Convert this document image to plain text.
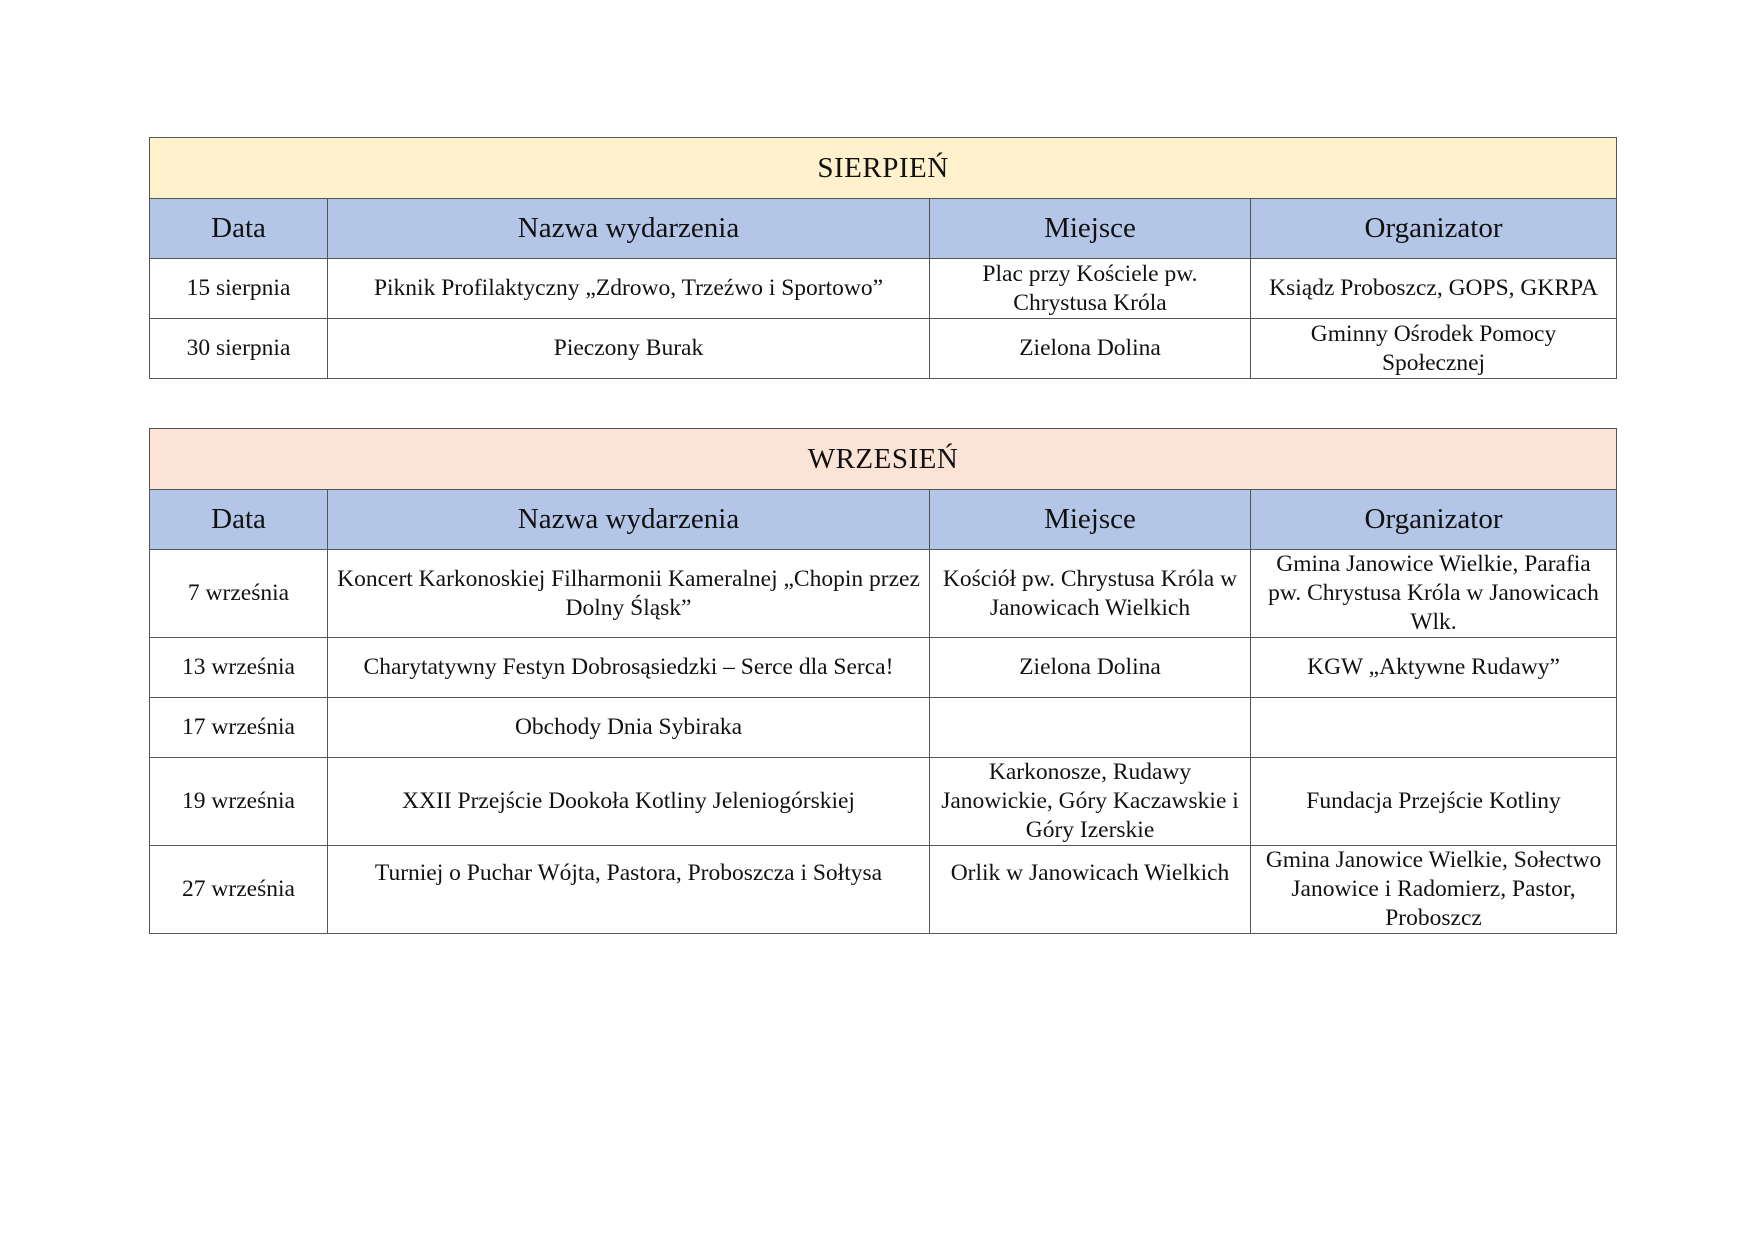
SIERPIEŃ			
Data	Nazwa wydarzenia	Miejsce	Organizator
15 sierpnia	Piknik Profilaktyczny „Zdrowo, Trzeźwo i Sportowo”	Plac przy Kościele pw. Chrystusa Króla	Ksiądz Proboszcz, GOPS, GKRPA
30 sierpnia	Pieczony Burak	Zielona Dolina	Gminny Ośrodek Pomocy Społecznej
WRZESIEŃ			
Data	Nazwa wydarzenia	Miejsce	Organizator
7 września	Koncert Karkonoskiej Filharmonii Kameralnej „Chopin przez Dolny Śląsk”	Kościół pw. Chrystusa Króla w Janowicach Wielkich	Gmina Janowice Wielkie, Parafia pw. Chrystusa Króla w Janowicach Wlk.
13 września	Charytatywny Festyn Dobrosąsiedzki – Serce dla Serca!	Zielona Dolina	KGW „Aktywne Rudawy”
17 września	Obchody Dnia Sybiraka		
19 września	XXII Przejście Dookoła Kotliny Jeleniogórskiej	Karkonosze, Rudawy Janowickie, Góry Kaczawskie i Góry Izerskie	Fundacja Przejście Kotliny
27 września	Turniej o Puchar Wójta, Pastora, Proboszcza i Sołtysa	Orlik w Janowicach Wielkich	Gmina Janowice Wielkie, Sołectwo Janowice i Radomierz, Pastor, Proboszcz
